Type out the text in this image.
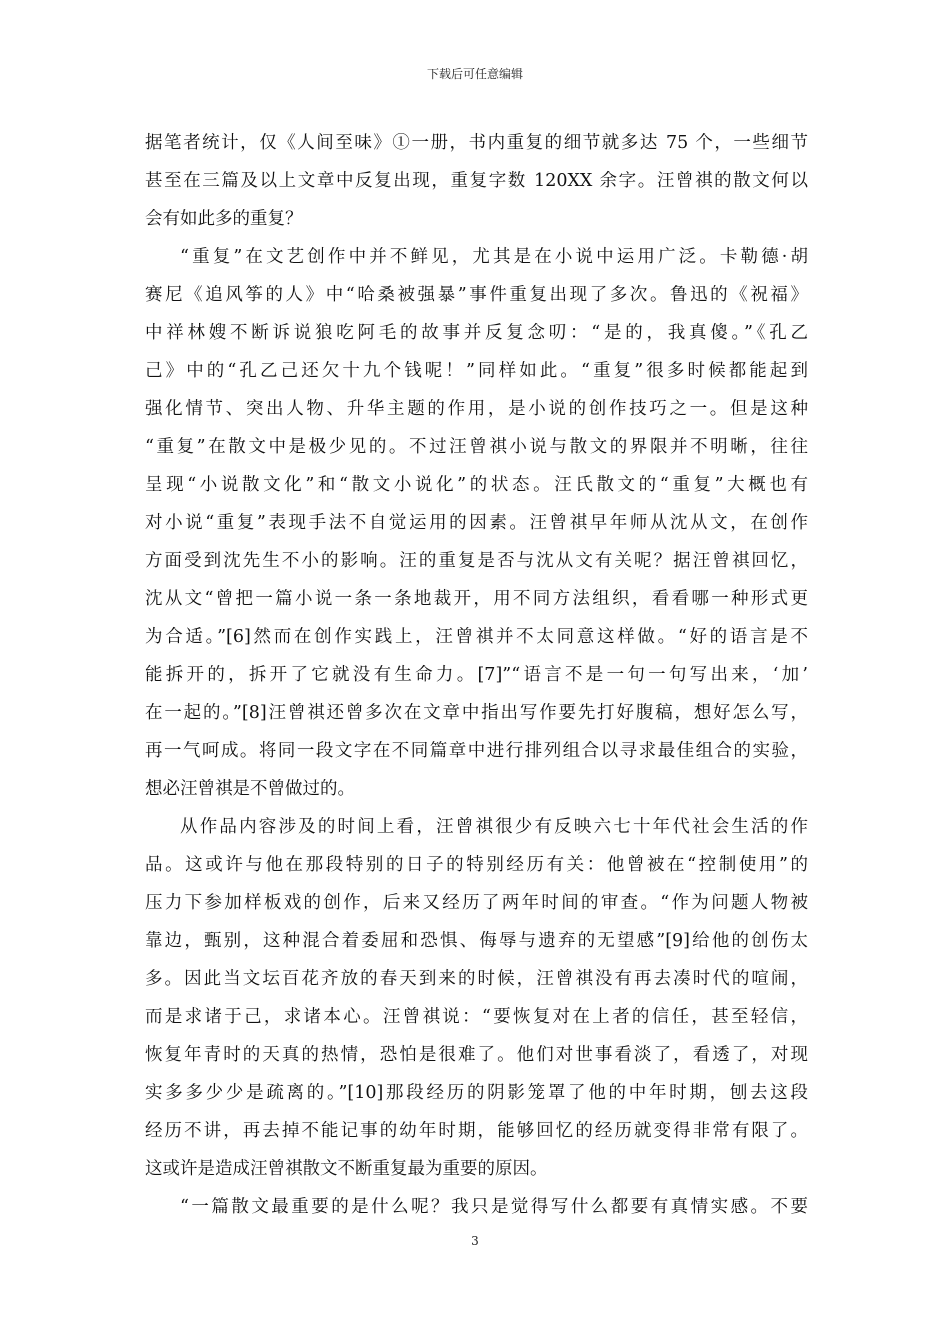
下载后可任意编辑
据笔者统计，仅《人间至味》①一册，书内重复的细节就多达 75 个，一些细节
甚至在三篇及以上文章中反复出现，重复字数 120XX 余字。汪曾祺的散文何以
会有如此多的重复？
“重复”在文艺创作中并不鲜见，尤其是在小说中运用广泛。卡勒德·胡
赛尼《追风筝的人》中“哈桑被强暴”事件重复出现了多次。鲁迅的《祝福》
中祥林嫂不断诉说狼吃阿毛的故事并反复念叨：“是的，我真傻。”《孔乙
己》中的“孔乙己还欠十九个钱呢！”同样如此。“重复”很多时候都能起到
强化情节、突出人物、升华主题的作用，是小说的创作技巧之一。但是这种
“重复”在散文中是极少见的。不过汪曾祺小说与散文的界限并不明晰，往往
呈现“小说散文化”和“散文小说化”的状态。汪氏散文的“重复”大概也有
对小说“重复”表现手法不自觉运用的因素。汪曾祺早年师从沈从文，在创作
方面受到沈先生不小的影响。汪的重复是否与沈从文有关呢？据汪曾祺回忆，
沈从文“曾把一篇小说一条一条地裁开，用不同方法组织，看看哪一种形式更
为合适。”[6]然而在创作实践上，汪曾祺并不太同意这样做。“好的语言是不
能拆开的，拆开了它就没有生命力。[7]”“语言不是一句一句写出来，‘加’
在一起的。”[8]汪曾祺还曾多次在文章中指出写作要先打好腹稿，想好怎么写，
再一气呵成。将同一段文字在不同篇章中进行排列组合以寻求最佳组合的实验，
想必汪曾祺是不曾做过的。
从作品内容涉及的时间上看，汪曾祺很少有反映六七十年代社会生活的作
品。这或许与他在那段特别的日子的特别经历有关：他曾被在“控制使用”的
压力下参加样板戏的创作，后来又经历了两年时间的审查。“作为问题人物被
靠边，甄别，这种混合着委屈和恐惧、侮辱与遗弃的无望感”[9]给他的创伤太
多。因此当文坛百花齐放的春天到来的时候，汪曾祺没有再去凑时代的喧闹，
而是求诸于己，求诸本心。汪曾祺说：“要恢复对在上者的信任，甚至轻信，
恢复年青时的天真的热情，恐怕是很难了。他们对世事看淡了，看透了，对现
实多多少少是疏离的。”[10]那段经历的阴影笼罩了他的中年时期，刨去这段
经历不讲，再去掉不能记事的幼年时期，能够回忆的经历就变得非常有限了。
这或许是造成汪曾祺散文不断重复最为重要的原因。
“一篇散文最重要的是什么呢？我只是觉得写什么都要有真情实感。不要
3
